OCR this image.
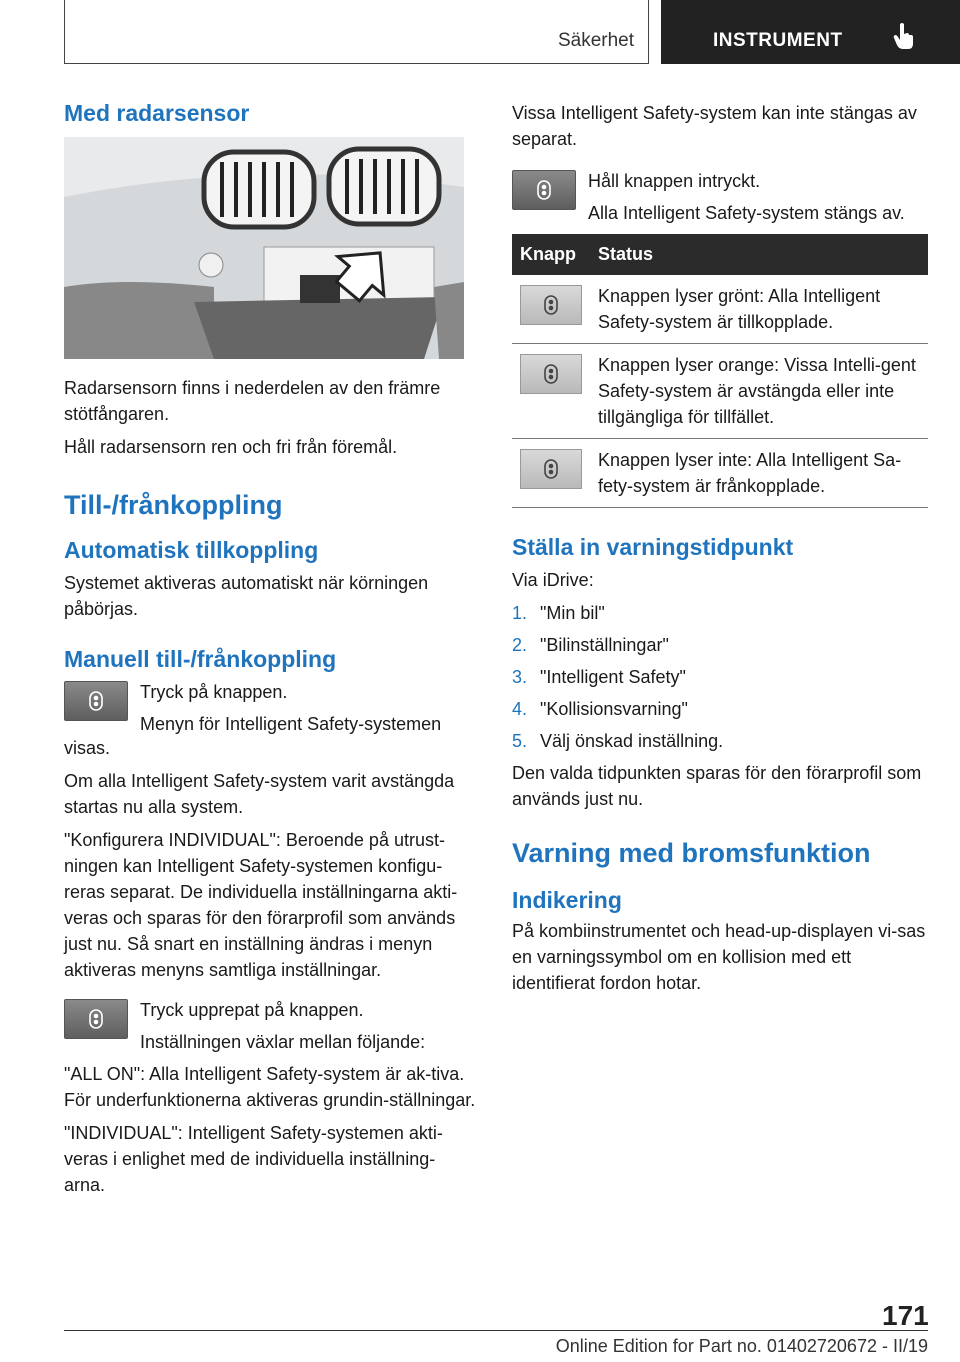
Säkerhet	INSTRUMENT
Med radarsensor

Radarsensorn finns i nederdelen av den främre stötfångaren.

Håll radarsensorn ren och fri från föremål.

Till-/frånkoppling
Automatisk tillkoppling

Systemet aktiveras automatiskt när körningen påbörjas.

Manuell till-/frånkoppling

Tryck på knappen.

Menyn för Intelligent Safety-systemen

visas.

Om alla Intelligent Safety-system varit avstängda startas nu alla system.

"Konfigurera INDIVIDUAL": Beroende på utrust-ningen kan Intelligent Safety-systemen konfigu-reras separat. De individuella inställningarna akti-veras och sparas för den förarprofil som används just nu. Så snart en inställning ändras i menyn aktiveras menyns samtliga inställningar.

Tryck upprepat på knappen.

Inställningen växlar mellan följande:

"ALL ON": Alla Intelligent Safety-system är ak-tiva. För underfunktionerna aktiveras grundin-ställningar.

"INDIVIDUAL": Intelligent Safety-systemen akti-veras i enlighet med de individuella inställning-arna.

Vissa Intelligent Safety-system kan inte stängas av separat.

Håll knappen intryckt.

Alla Intelligent Safety-system stängs av.

Knapp	Status

	Knappen lyser grönt: Alla Intelligent Safety-system är tillkopplade.

	Knappen lyser orange: Vissa Intelli-gent Safety-system är avstängda eller inte tillgängliga för tillfället.

	Knappen lyser inte: Alla Intelligent Sa-fety-system är frånkopplade.
Ställa in varningstidpunkt

Via iDrive:

1. "Min bil"
2. "Bilinställningar"
3. "Intelligent Safety"
4. "Kollisionsvarning"
5. Välj önskad inställning.

Den valda tidpunkten sparas för den förarprofil som används just nu.

Varning med bromsfunktion
Indikering

På kombiinstrumentet och head-up-displayen vi-sas en varningssymbol om en kollision med ett identifierat fordon hotar.

171
Online Edition for Part no. 01402720672 - II/19
